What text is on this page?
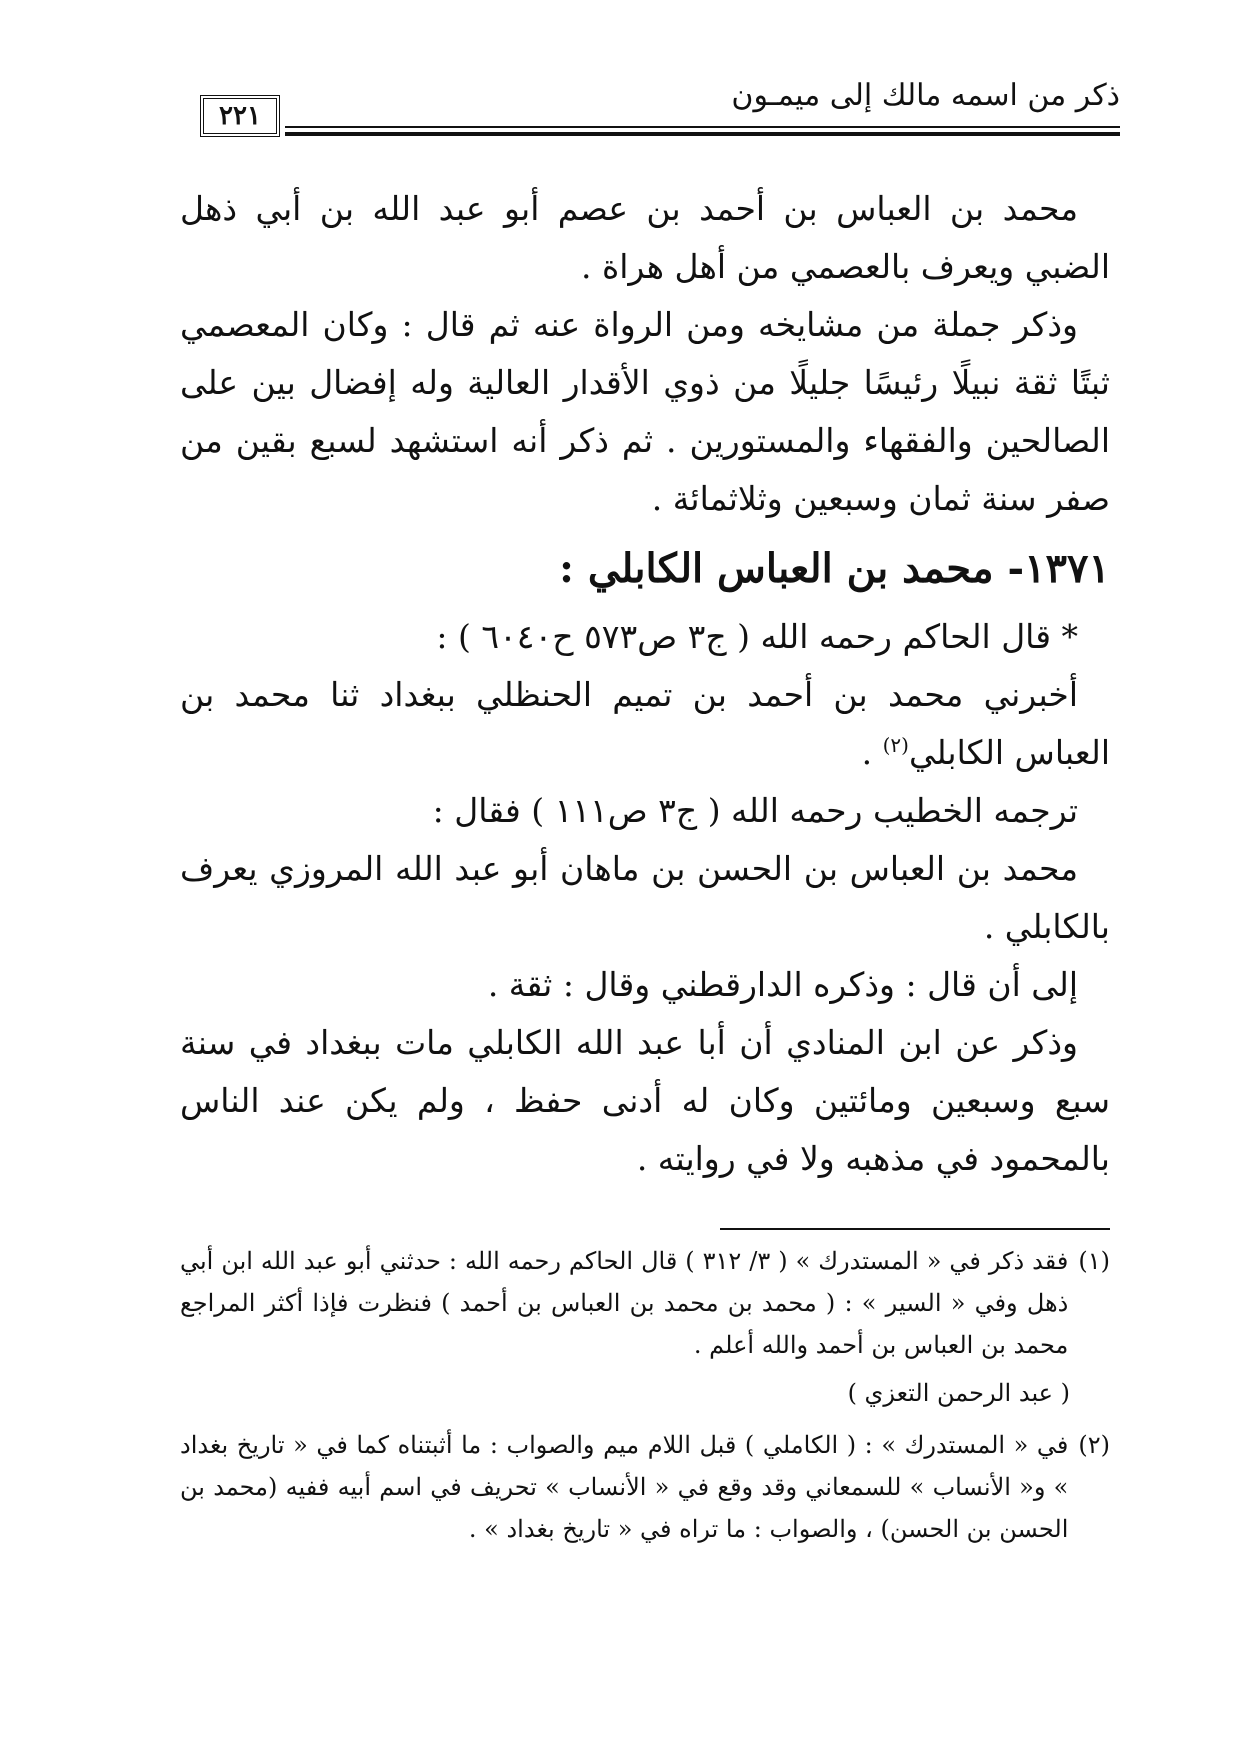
٢٢١
ذكر من اسمه مالك إلى ميمـون

محمد بن العباس بن أحمد بن عصم أبو عبد الله بن أبي ذهل الضبي ويعرف بالعصمي من أهل هراة .

وذكر جملة من مشايخه ومن الرواة عنه ثم قال : وكان المعصمي ثبتًا ثقة نبيلًا رئيسًا جليلًا من ذوي الأقدار العالية وله إفضال بين على الصالحين والفقهاء والمستورين . ثم ذكر أنه استشهد لسبع بقين من صفر سنة ثمان وسبعين وثلاثمائة .

١٣٧١- محمد بن العباس الكابلي :

* قال الحاكم رحمه الله ( ج٣ ص٥٧٣ ح٦٠٤٠ ) :

أخبرني محمد بن أحمد بن تميم الحنظلي ببغداد ثنا محمد بن العباس الكابلي$^{(٢)}$ .

ترجمه الخطيب رحمه الله ( ج٣ ص١١١ ) فقال :

محمد بن العباس بن الحسن بن ماهان أبو عبد الله المروزي يعرف بالكابلي .

إلى أن قال : وذكره الدارقطني وقال : ثقة .

وذكر عن ابن المنادي أن أبا عبد الله الكابلي مات ببغداد في سنة سبع وسبعين ومائتين وكان له أدنى حفظ ، ولم يكن عند الناس بالمحمود في مذهبه ولا في روايته .

(١)
فقد ذكر في « المستدرك » ( ٣/ ٣١٢ ) قال الحاكم رحمه الله : حدثني أبو عبد الله ابن أبي ذهل وفي « السير » : ( محمد بن محمد بن العباس بن أحمد ) فنظرت فإذا أكثر المراجع محمد بن العباس بن أحمد والله أعلم .
( عبد الرحمن التعزي )
(٢)
في « المستدرك » : ( الكاملي ) قبل اللام ميم والصواب : ما أثبتناه كما في « تاريخ بغداد » و« الأنساب » للسمعاني وقد وقع في « الأنساب » تحريف في اسم أبيه ففيه (محمد بن الحسن بن الحسن) ، والصواب : ما تراه في « تاريخ بغداد » .
